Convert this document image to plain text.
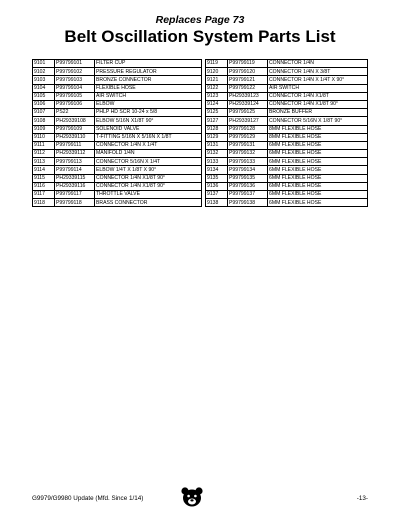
Replaces Page 73
Belt Oscillation System Parts List
9101	P99799101	FILTER CUP
9102	P99799102	PRESSURE REGULATOR
9103	P99799103	BRONZE CONNECTOR
9104	P99799104	FLEXIBLE HOSE
9105	P99799105	AIR SWITCH
9106	P99799106	ELBOW
9107	PS22	PHLP HD SCR 10-24 x 5/8
9108	PH29339108	ELBOW 5/16N X1/8T 90°
9109	P99799109	SOLENOID VALVE
9110	PH29339110	T-FITTING 5/16N X 5/16N X 1/8T
9111	P99799111	CONNECTOR 1/4N X 1/4T
9112	PH29339112	MANIFOLD 1/4N
9113	P99799113	CONNECTOR 5/16N X 1/4T
9114	P99799114	ELBOW 1/4T X 1/8T X 90°
9115	PH29339115	CONNECTOR 1/4N X1/8T 90°
9116	PH29339116	CONNECTOR 1/4N X1/8T 90°
9117	P99799117	THROTTLE VALVE
9118	P99799118	BRASS CONNECTOR
9119	P99799119	CONNECTOR 1/4N
9120	P99799120	CONNECTOR 1/4N X 3/8T
9121	P99799121	CONNECTOR 1/4N X 1/4T X 90°
9122	P99799122	AIR SWITCH
9123	PH29339123	CONNECTOR 1/4N X1/8T
9124	PH29339124	CONNECTOR 1/4N X1/8T 90°
9125	P99799125	BRONZE BUFFER
9127	PH29339127	CONNECTOR 5/16N X 1/8T 90°
9128	P99799128	8MM FLEXIBLE HOSE
9129	P99799129	8MM FLEXIBLE HOSE
9131	P99799131	6MM FLEXIBLE HOSE
9132	P99799132	6MM FLEXIBLE HOSE
9133	P99799133	6MM FLEXIBLE HOSE
9134	P99799134	6MM FLEXIBLE HOSE
9135	P99799135	6MM FLEXIBLE HOSE
9136	P99799136	6MM FLEXIBLE HOSE
9137	P99799137	6MM FLEXIBLE HOSE
9138	P99799138	6MM FLEXIBLE HOSE
G9979/G9980 Update (Mfd. Since 1/14)	-13-
